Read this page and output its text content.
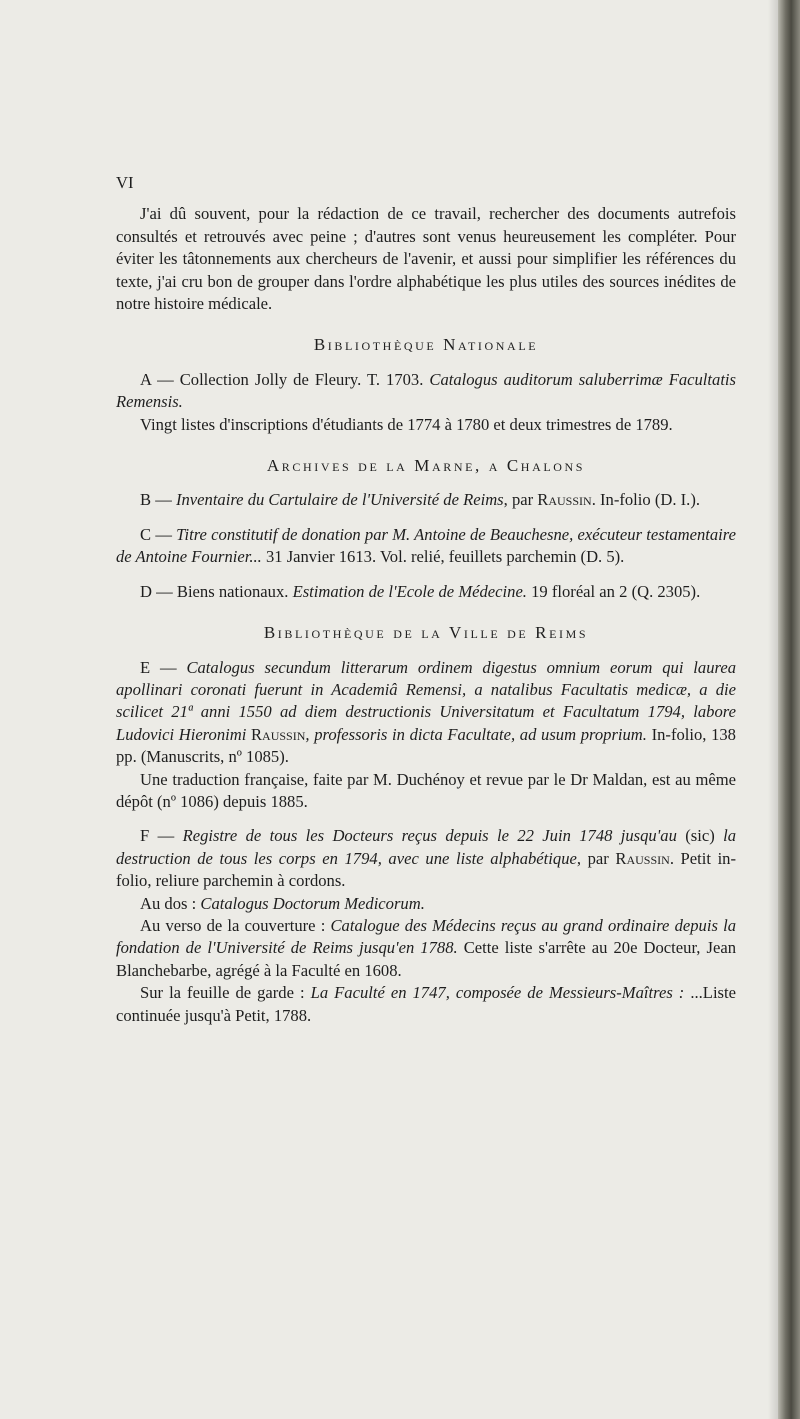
VI

J'ai dû souvent, pour la rédaction de ce travail, rechercher des documents autrefois consultés et retrouvés avec peine ; d'autres sont venus heureusement les compléter. Pour éviter les tâtonnements aux chercheurs de l'avenir, et aussi pour simplifier les références du texte, j'ai cru bon de grouper dans l'ordre alphabétique les plus utiles des sources inédites de notre histoire médicale.

Bibliothèque Nationale

A — Collection Jolly de Fleury. T. 1703. Catalogus auditorum saluberrimæ Facultatis Remensis.

Vingt listes d'inscriptions d'étudiants de 1774 à 1780 et deux trimestres de 1789.

Archives de la Marne, a Chalons

B — Inventaire du Cartulaire de l'Université de Reims, par Raussin. In-folio (D. I.).

C — Titre constitutif de donation par M. Antoine de Beauchesne, exécuteur testamentaire de Antoine Fournier... 31 Janvier 1613. Vol. relié, feuillets parchemin (D. 5).

D — Biens nationaux. Estimation de l'Ecole de Médecine. 19 floréal an 2 (Q. 2305).

Bibliothèque de la Ville de Reims

E — Catalogus secundum litterarum ordinem digestus omnium eorum qui laurea apollinari coronati fuerunt in Academiâ Remensi, a natalibus Facultatis medicæ, a die scilicet 21ª anni 1550 ad diem destructionis Universitatum et Facultatum 1794, labore Ludovici Hieronimi Raussin, professoris in dicta Facultate, ad usum proprium. In-folio, 138 pp. (Manuscrits, nº 1085).

Une traduction française, faite par M. Duchénoy et revue par le Dr Maldan, est au même dépôt (nº 1086) depuis 1885.

F — Registre de tous les Docteurs reçus depuis le 22 Juin 1748 jusqu'au (sic) la destruction de tous les corps en 1794, avec une liste alphabétique, par Raussin. Petit in-folio, reliure parchemin à cordons.

Au dos : Catalogus Doctorum Medicorum.

Au verso de la couverture : Catalogue des Médecins reçus au grand ordinaire depuis la fondation de l'Université de Reims jusqu'en 1788. Cette liste s'arrête au 20e Docteur, Jean Blanchebarbe, agrégé à la Faculté en 1608.

Sur la feuille de garde : La Faculté en 1747, composée de Messieurs-Maîtres : ...Liste continuée jusqu'à Petit, 1788.
